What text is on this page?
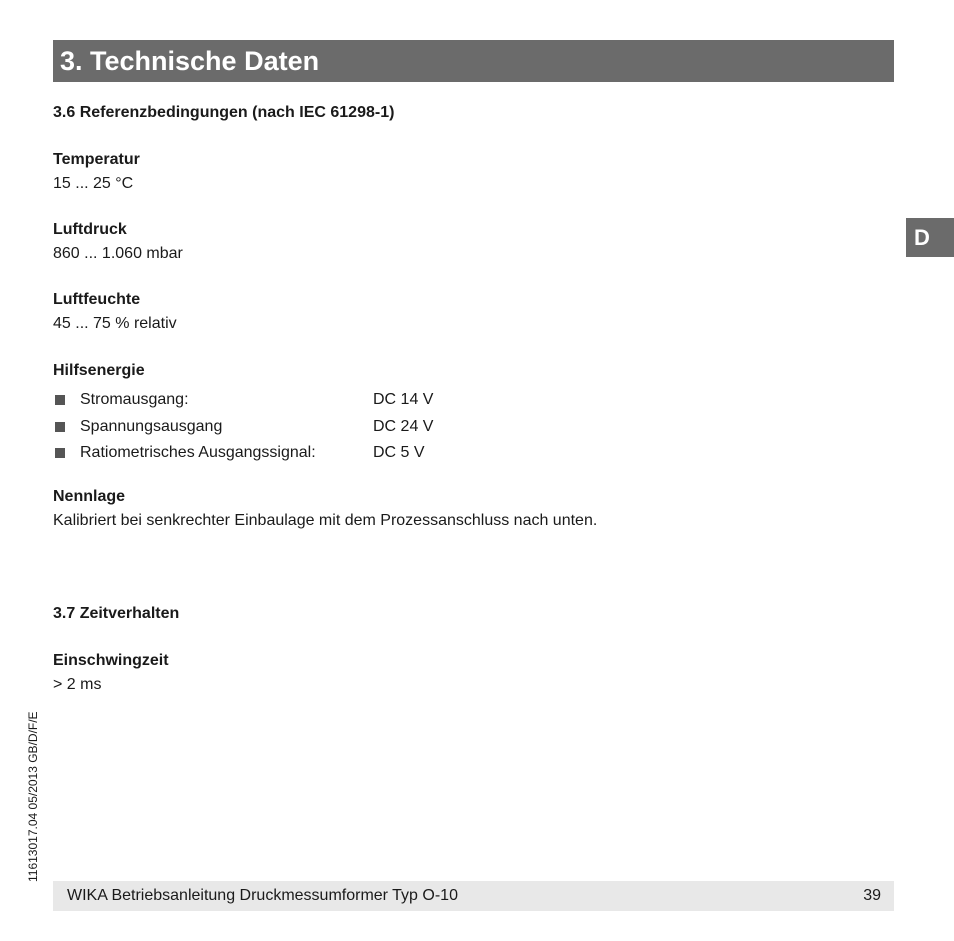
3. Technische Daten
D
3.6 Referenzbedingungen (nach IEC 61298-1)
Temperatur
15 ... 25 °C
Luftdruck
860 ... 1.060 mbar
Luftfeuchte
45 ... 75 % relativ
Hilfsenergie
Stromausgang:	DC 14 V
Spannungsausgang	DC 24 V
Ratiometrisches Ausgangssignal:	DC 5 V
Nennlage
Kalibriert bei senkrechter Einbaulage mit dem Prozessanschluss nach unten.
3.7 Zeitverhalten
Einschwingzeit
> 2 ms
11613017.04 05/2013 GB/D/F/E
WIKA Betriebsanleitung Druckmessumformer Typ O-10	39
